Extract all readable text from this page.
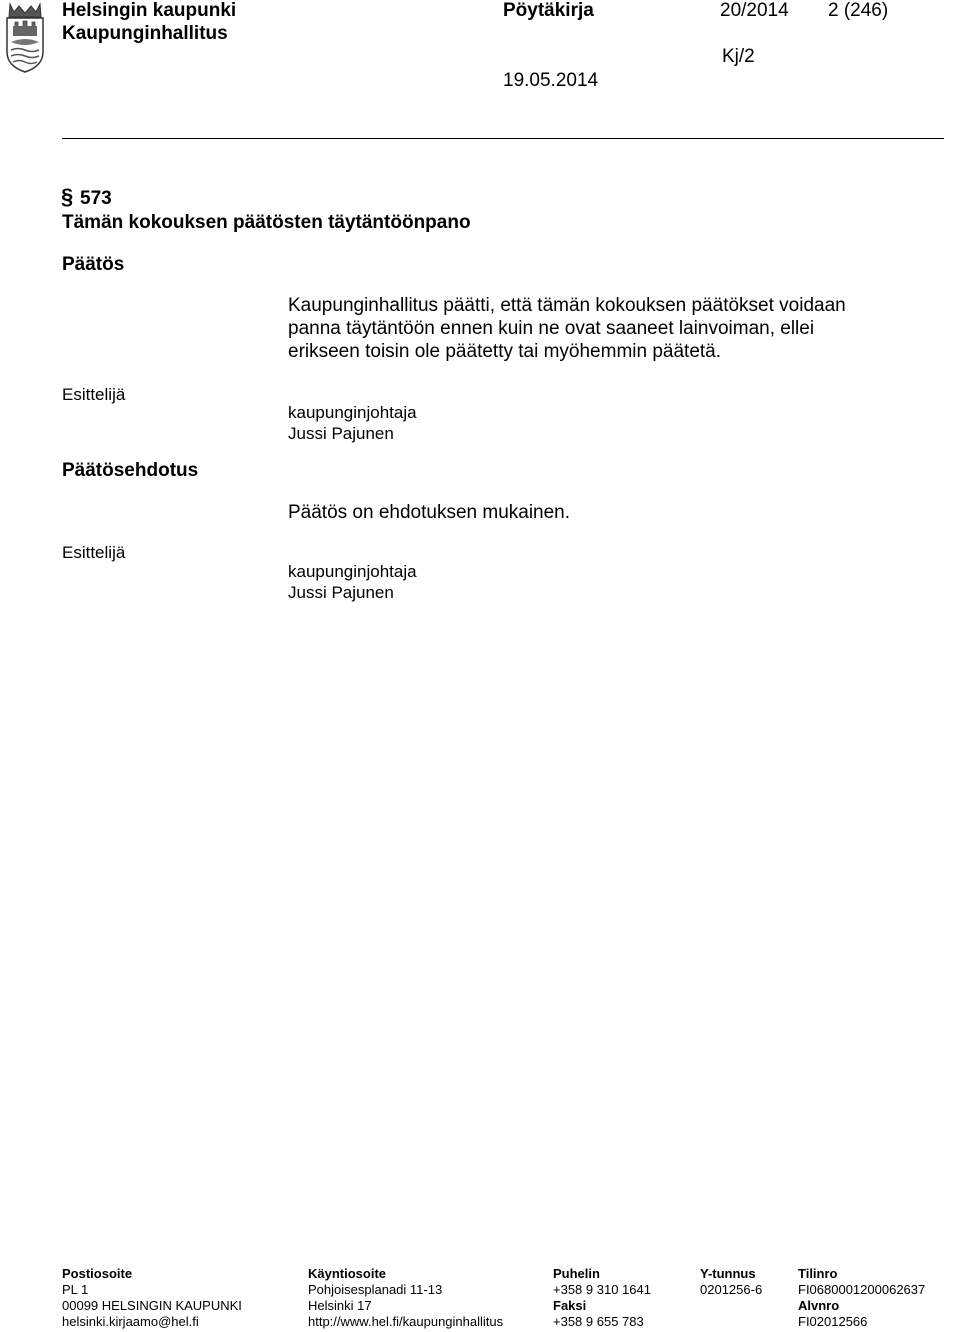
Helsingin kaupunki
Kaupunginhallitus
Pöytäkirja	20/2014 2 (246)
Kj/2
19.05.2014
§ 573
Tämän kokouksen päätösten täytäntöönpano
Päätös
Kaupunginhallitus päätti, että tämän kokouksen päätökset voidaan panna täytäntöön ennen kuin ne ovat saaneet lainvoiman, ellei erikseen toisin ole päätetty tai myöhemmin päätetä.
Esittelijä
kaupunginjohtaja
Jussi Pajunen
Päätösehdotus
Päätös on ehdotuksen mukainen.
Esittelijä
kaupunginjohtaja
Jussi Pajunen
Postiosoite
PL 1
00099 HELSINGIN KAUPUNKI
helsinki.kirjaamo@hel.fi
Käyntiosoite
Pohjoisesplanadi 11-13
Helsinki 17
http://www.hel.fi/kaupunginhallitus
Puhelin
+358 9 310 1641
Faksi
+358 9 655 783
Y-tunnus
0201256-6
Tilinro
FI0680001200062637
Alvnro
FI02012566
